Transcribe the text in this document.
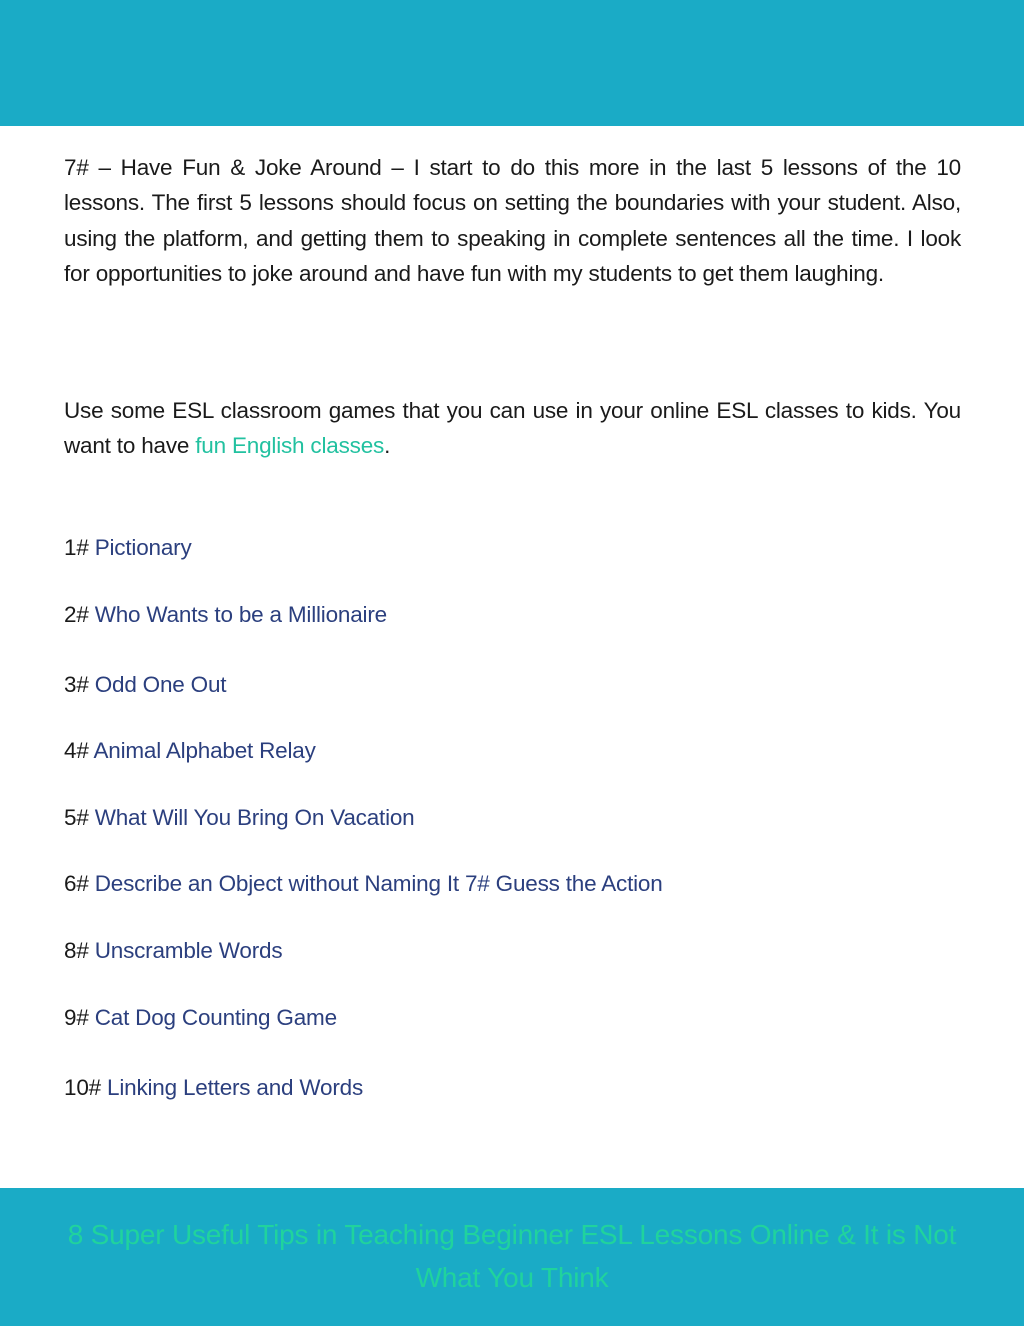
7# – Have Fun & Joke Around – I start to do this more in the last 5 lessons of the 10 lessons. The first 5 lessons should focus on setting the boundaries with your student. Also, using the platform, and getting them to speaking in complete sentences all the time. I look for opportunities to joke around and have fun with my students to get them laughing.

Use some ESL classroom games that you can use in your online ESL classes to kids. You want to have fun English classes.

1# Pictionary

2# Who Wants to be a Millionaire

3# Odd One Out

4# Animal Alphabet Relay

5# What Will You Bring On Vacation

6# Describe an Object without Naming It 7# Guess the Action

8# Unscramble Words

9# Cat Dog Counting Game

10# Linking Letters and Words

8 Super Useful Tips in Teaching Beginner ESL Lessons Online & It is Not What You Think
